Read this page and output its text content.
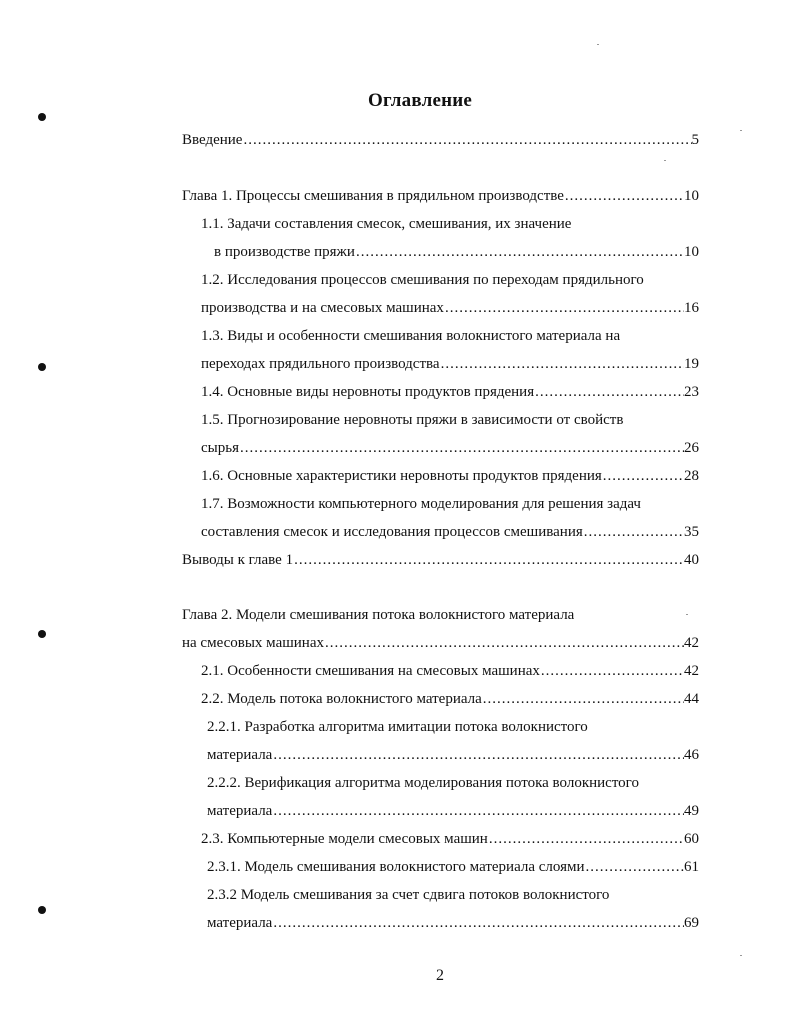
Оглавление
Введение .....	5
Глава 1. Процессы смешивания в прядильном производстве .....	10
1.1. Задачи составления смесок, смешивания, их значение
в производстве пряжи .....	10
1.2. Исследования процессов смешивания по переходам прядильного
производства и на смесовых машинах .....	16
1.3. Виды и особенности смешивания волокнистого материала на
переходах прядильного производства .....	19
1.4. Основные виды неровноты продуктов прядения .....	23
1.5. Прогнозирование неровноты пряжи в зависимости от свойств
сырья .....	26
1.6. Основные характеристики неровноты продуктов прядения .....	28
1.7. Возможности компьютерного моделирования для решения задач
составления смесок и исследования процессов смешивания .....	35
Выводы к главе 1 .....	40
Глава 2. Модели смешивания потока волокнистого материала
на смесовых машинах .....	42
2.1. Особенности смешивания на смесовых машинах .....	42
2.2. Модель потока волокнистого материала .....	44
2.2.1. Разработка алгоритма имитации потока волокнистого
материала .....	46
2.2.2. Верификация алгоритма моделирования потока волокнистого
материала .....	49
2.3. Компьютерные модели смесовых машин .....	60
2.3.1. Модель смешивания волокнистого материала слоями .....	61
2.3.2 Модель смешивания за счет сдвига потоков волокнистого
материала .....	69
2
